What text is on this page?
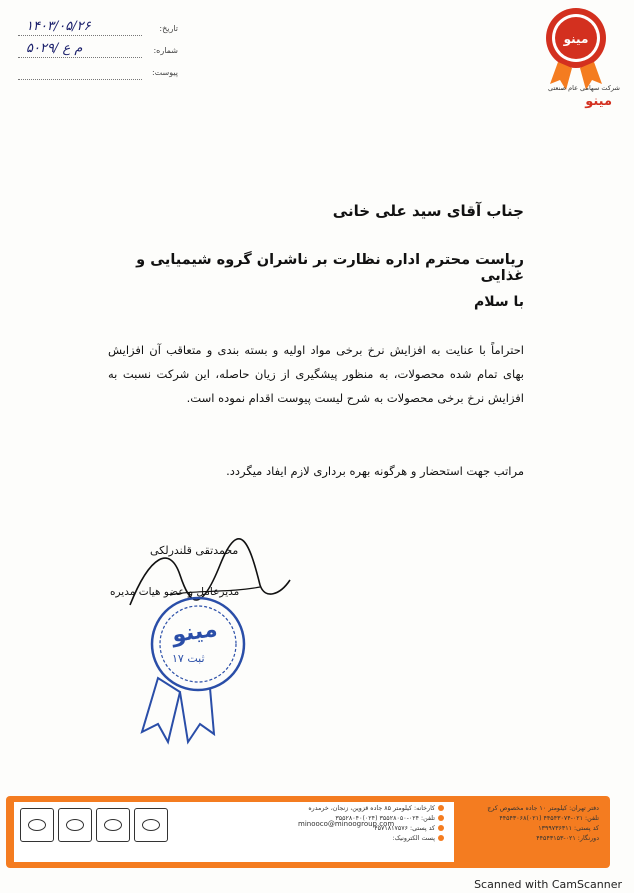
تاریخ:
۱۴۰۳/۰۵/۲۶
شماره:
۵۰۲۹/ م ع
پیوست:
مینو
شرکت سهامی عام صنعتی
مینو
جناب آقای سید علی خانی
ریاست محترم اداره نظارت بر ناشران گروه شیمیایی و غذایی
با سلام
احتراماً با عنایت به افزایش نرخ برخی مواد اولیه و بسته بندی و متعاقب آن افزایش بهای تمام شده محصولات، به منظور پیشگیری از زیان حاصله، این شرکت نسبت به افزایش نرخ برخی محصولات به شرح لیست پیوست اقدام نموده است.
مراتب جهت استحضار و هرگونه بهره برداری لازم ایفاد میگردد.
محمدتقی قلندرلکی
مدیرعامل و عضو هیات مدیره
مینو
ثبت ۱۷
دفتر تهران: کیلومتر ۱۰ جاده مخصوص کرج
تلفن: ۰۲۱-۴۴۵۴۳۰۷۴ (۰۲۱)۴۴۵۴۳۰۶۸
کد پستی: ۱۳۹۹۷۳۶۳۱۱
دورنگار: ۰۲۱-۴۴۵۴۳۱۵۳
کارخانه: کیلومتر ۸۵ جاده قزوین، زنجان، خرمدره
تلفن: ۰۲۴-۳۵۵۲۸۰۵۰ (۰۲۴)۳۵۵۲۸۰۴۰
کد پستی: ۴۵۷۱۸۱۷۵۷۶
پست الکترونیک:
minooco@minoogroup.com
Scanned with CamScanner
